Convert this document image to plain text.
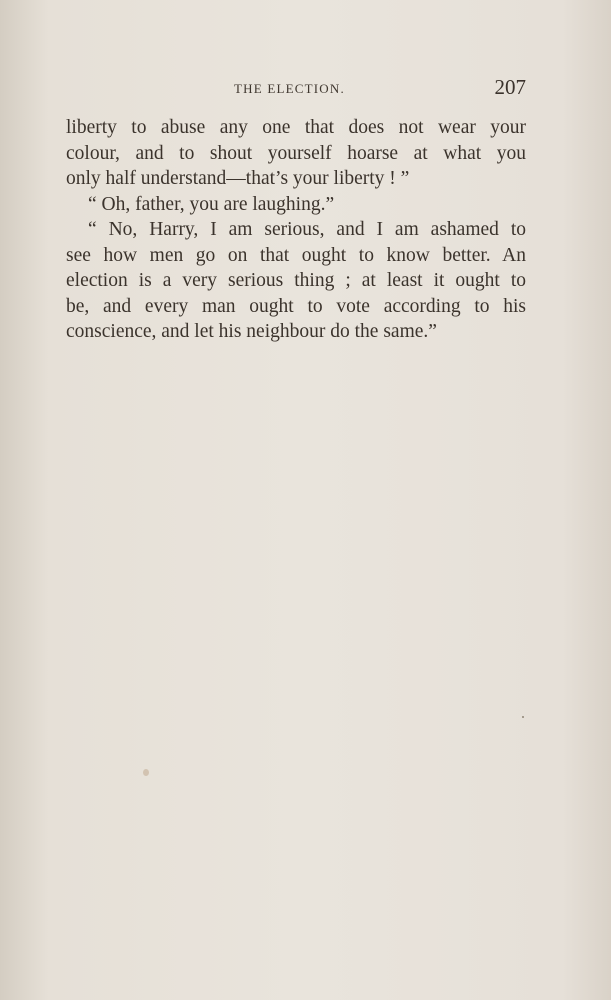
THE ELECTION.	207
liberty to abuse any one that does not wear your
colour, and to shout yourself hoarse at what you
only half understand—that’s your liberty ! ”
“ Oh, father, you are laughing.”
“ No, Harry, I am serious, and I am ashamed to
see how men go on that ought to know better. An
election is a very serious thing ; at least it ought to
be, and every man ought to vote according to his
conscience, and let his neighbour do the same.”
